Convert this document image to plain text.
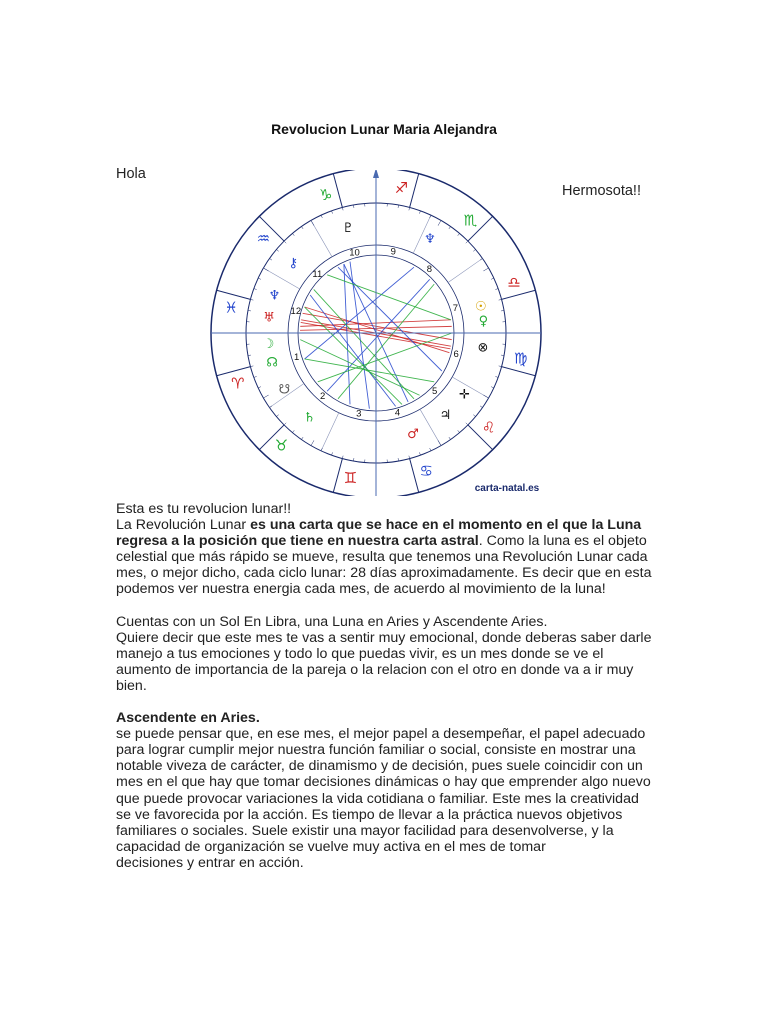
Revolucion Lunar Maria Alejandra
Hola
Hermosota!!
♈
♉
♊	♋
♌
♍
♎
♏
♐
♑
♒
♓
♇
⚷
♆
♅
☽
☊
☋
♄
♂
♃
✛
☉
♀
⊗
♆
1
2
3	4
5
6
7
8
9
10
11
12
carta-natal.es

Esta es tu revolucion lunar!!

La Revolución Lunar es una carta que se hace en el momento en el que la Luna regresa a la posición que tiene en nuestra carta astral. Como la luna es el objeto celestial que más rápido se mueve, resulta que tenemos una Revolución Lunar cada mes, o mejor dicho, cada ciclo lunar: 28 días aproximadamente. Es decir que en esta podemos ver nuestra energia cada mes, de acuerdo al movimiento de la luna!

Cuentas con un Sol En Libra, una Luna en Aries y Ascendente Aries.

Quiere decir que este mes te vas a sentir muy emocional, donde deberas saber darle manejo a tus emociones y todo lo que puedas vivir, es un mes donde se ve el aumento de importancia de la pareja o la relacion con el otro en donde va a ir muy bien.

Ascendente en Aries.

se puede pensar que, en ese mes, el mejor papel a desempeñar, el papel adecuado para lograr cumplir mejor nuestra función familiar o social, consiste en mostrar una notable viveza de carácter, de dinamismo y de decisión, pues suele coincidir con un mes en el que hay que tomar decisiones dinámicas o hay que emprender algo nuevo que puede provocar variaciones la vida cotidiana o familiar. Este mes la creatividad se ve favorecida por la acción. Es tiempo de llevar a la práctica nuevos objetivos familiares o sociales. Suele existir una mayor facilidad para desenvolverse, y la capacidad de organización se vuelve muy activa en el mes de tomar

decisiones y entrar en acción.
